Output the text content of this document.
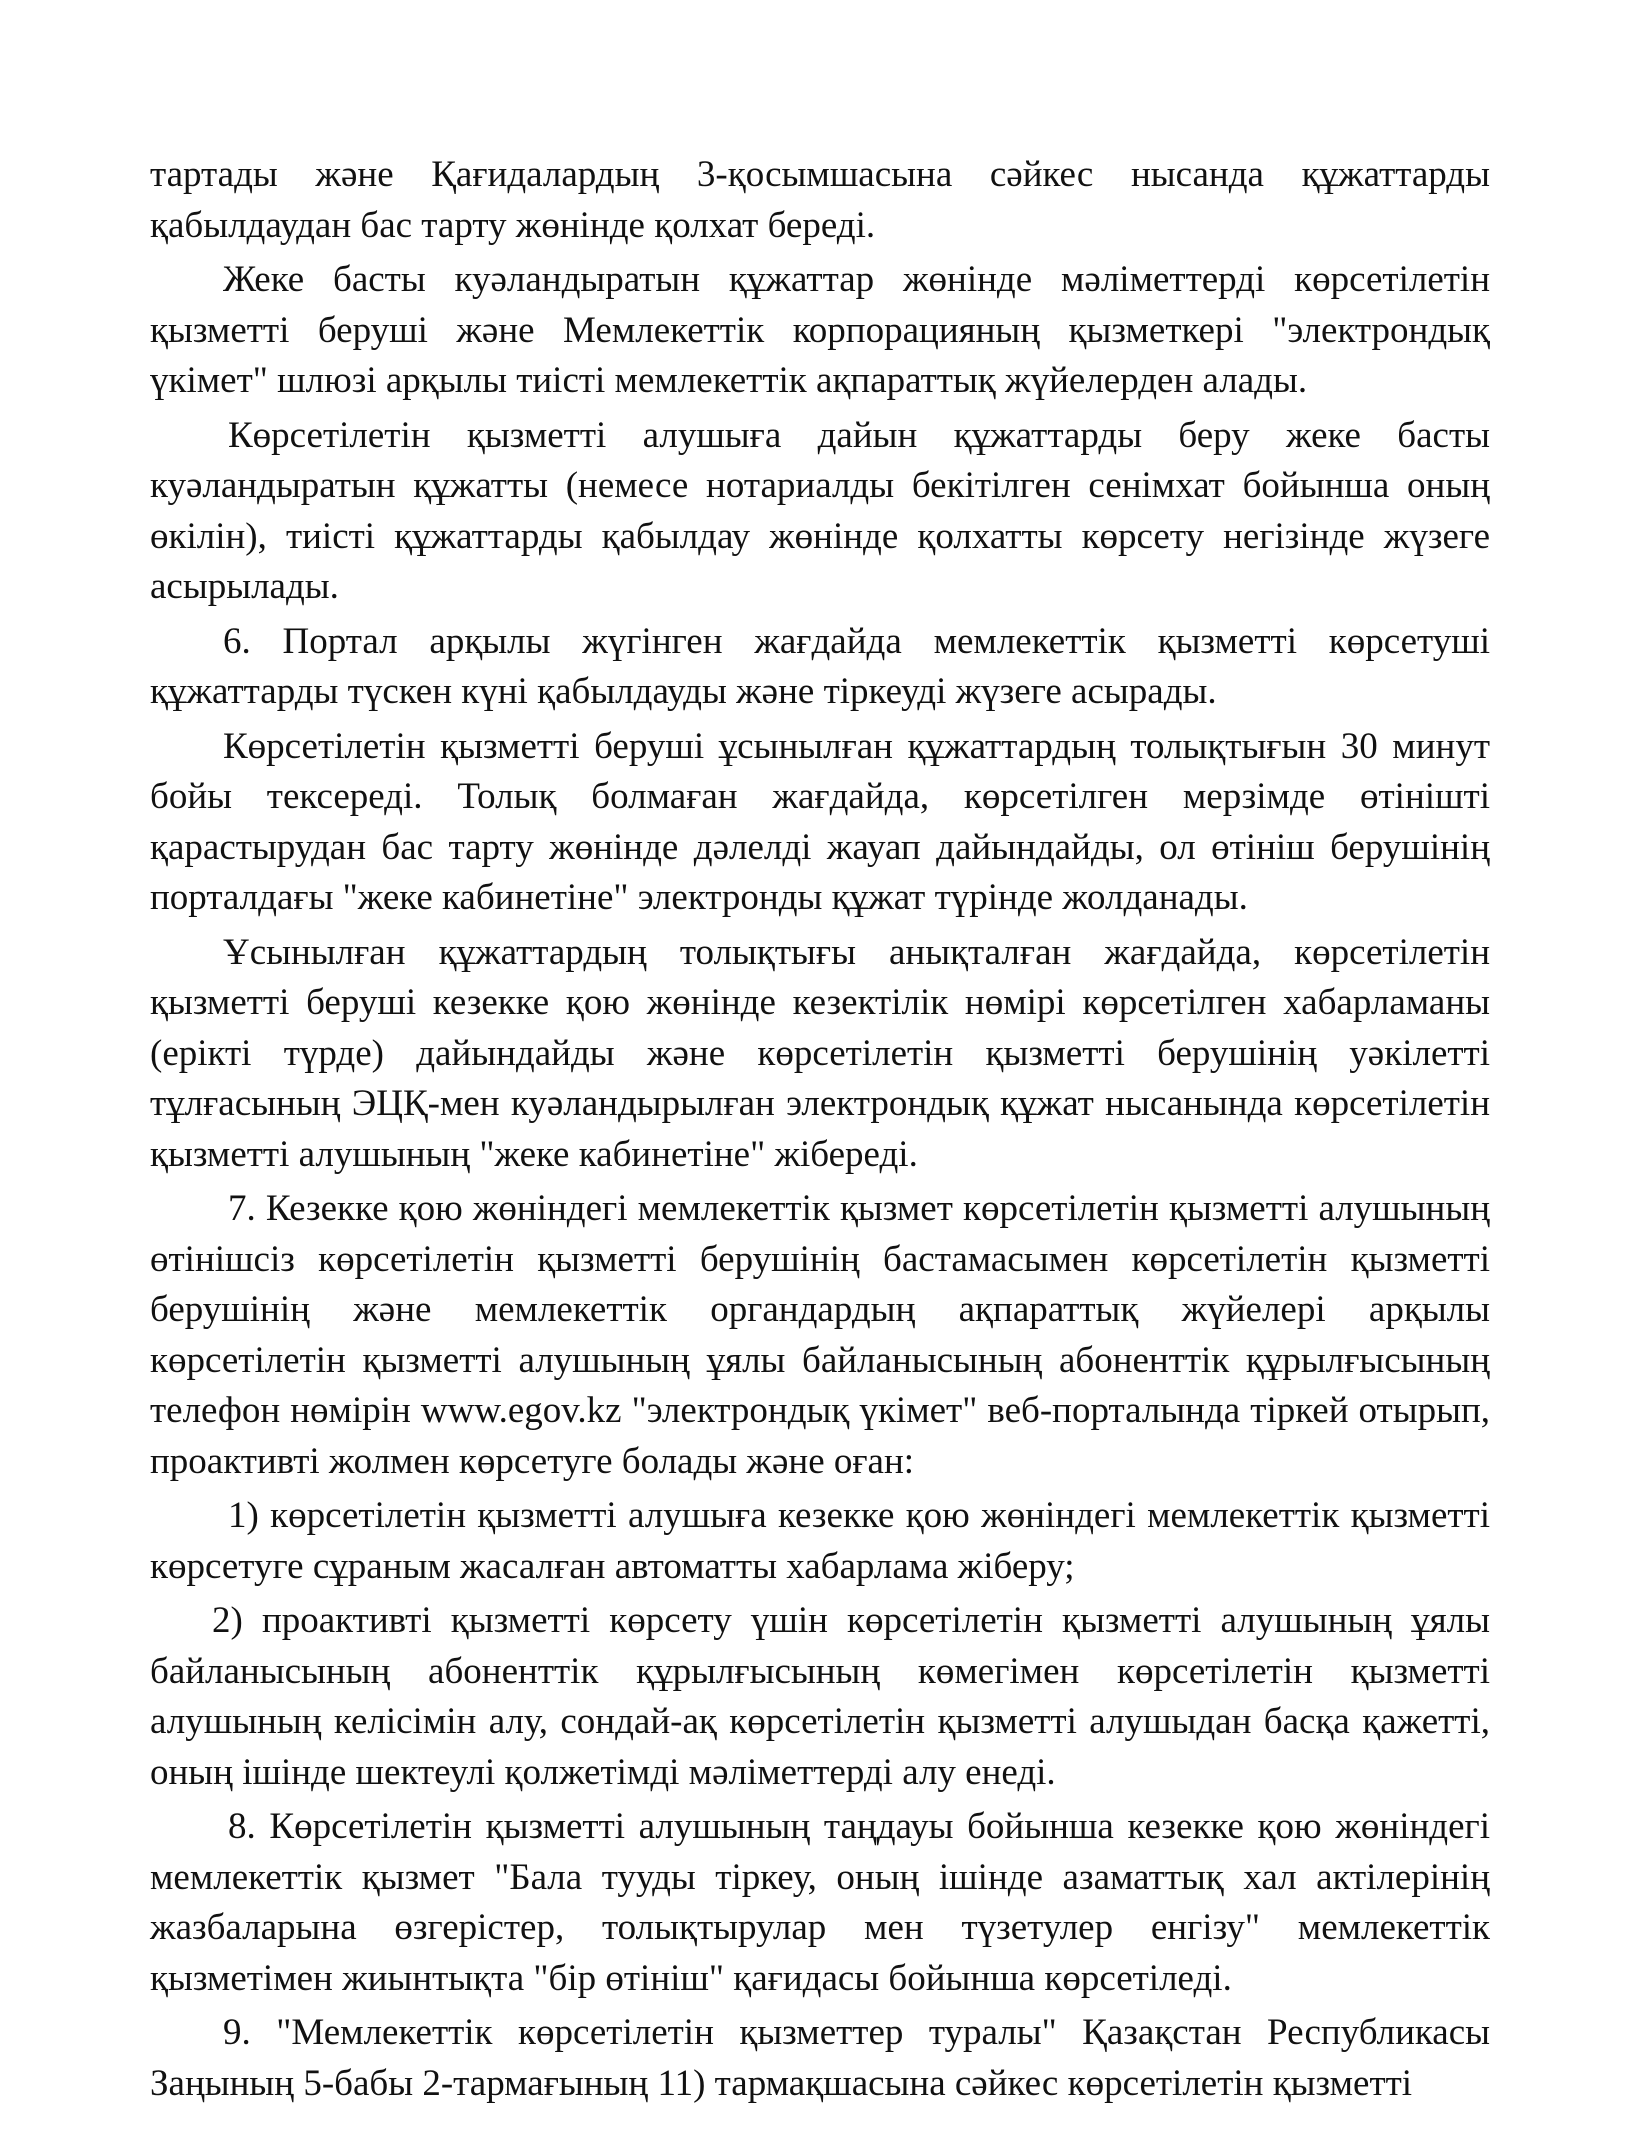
тартады және Қағидалардың 3-қосымшасына сәйкес нысанда құжаттарды қабылдаудан бас тарту жөнінде қолхат береді.

Жеке басты куәландыратын құжаттар жөнінде мәліметтерді көрсетілетін қызметті беруші және Мемлекеттік корпорацияның қызметкері "электрондық үкімет" шлюзі арқылы тиісті мемлекеттік ақпараттық жүйелерден алады.

Көрсетілетін қызметті алушыға дайын құжаттарды беру жеке басты куәландыратын құжатты (немесе нотариалды бекітілген сенімхат бойынша оның өкілін), тиісті құжаттарды қабылдау жөнінде қолхатты көрсету негізінде жүзеге асырылады.

6. Портал арқылы жүгінген жағдайда мемлекеттік қызметті көрсетуші құжаттарды түскен күні қабылдауды және тіркеуді жүзеге асырады.

Көрсетілетін қызметті беруші ұсынылған құжаттардың толықтығын 30 минут бойы тексереді. Толық болмаған жағдайда, көрсетілген мерзімде өтінішті қарастырудан бас тарту жөнінде дәлелді жауап дайындайды, ол өтініш берушінің порталдағы "жеке кабинетіне" электронды құжат түрінде жолданады.

Ұсынылған құжаттардың толықтығы анықталған жағдайда, көрсетілетін қызметті беруші кезекке қою жөнінде кезектілік нөмірі көрсетілген хабарламаны (ерікті түрде) дайындайды және көрсетілетін қызметті берушінің уәкілетті тұлғасының ЭЦҚ-мен куәландырылған электрондық құжат нысанында көрсетілетін қызметті алушының "жеке кабинетіне" жібереді.

7. Кезекке қою жөніндегі мемлекеттік қызмет көрсетілетін қызметті алушының өтінішсіз көрсетілетін қызметті берушінің бастамасымен көрсетілетін қызметті берушінің және мемлекеттік органдардың ақпараттық жүйелері арқылы көрсетілетін қызметті алушының ұялы байланысының абоненттік құрылғысының телефон нөмірін www.egov.kz "электрондық үкімет" веб-порталында тіркей отырып, проактивті жолмен көрсетуге болады және оған:

1) көрсетілетін қызметті алушыға кезекке қою жөніндегі мемлекеттік қызметті көрсетуге сұраным жасалған автоматты хабарлама жіберу;

2) проактивті қызметті көрсету үшін көрсетілетін қызметті алушының ұялы байланысының абоненттік құрылғысының көмегімен көрсетілетін қызметті алушының келісімін алу, сондай-ақ көрсетілетін қызметті алушыдан басқа қажетті, оның ішінде шектеулі қолжетімді мәліметтерді алу енеді.

8. Көрсетілетін қызметті алушының таңдауы бойынша кезекке қою жөніндегі мемлекеттік қызмет "Бала тууды тіркеу, оның ішінде азаматтық хал актілерінің жазбаларына өзгерістер, толықтырулар мен түзетулер енгізу" мемлекеттік қызметімен жиынтықта "бір өтініш" қағидасы бойынша көрсетіледі.

9. "Мемлекеттік көрсетілетін қызметтер туралы" Қазақстан Республикасы Заңының 5-бабы 2-тармағының 11) тармақшасына сәйкес көрсетілетін қызметті
